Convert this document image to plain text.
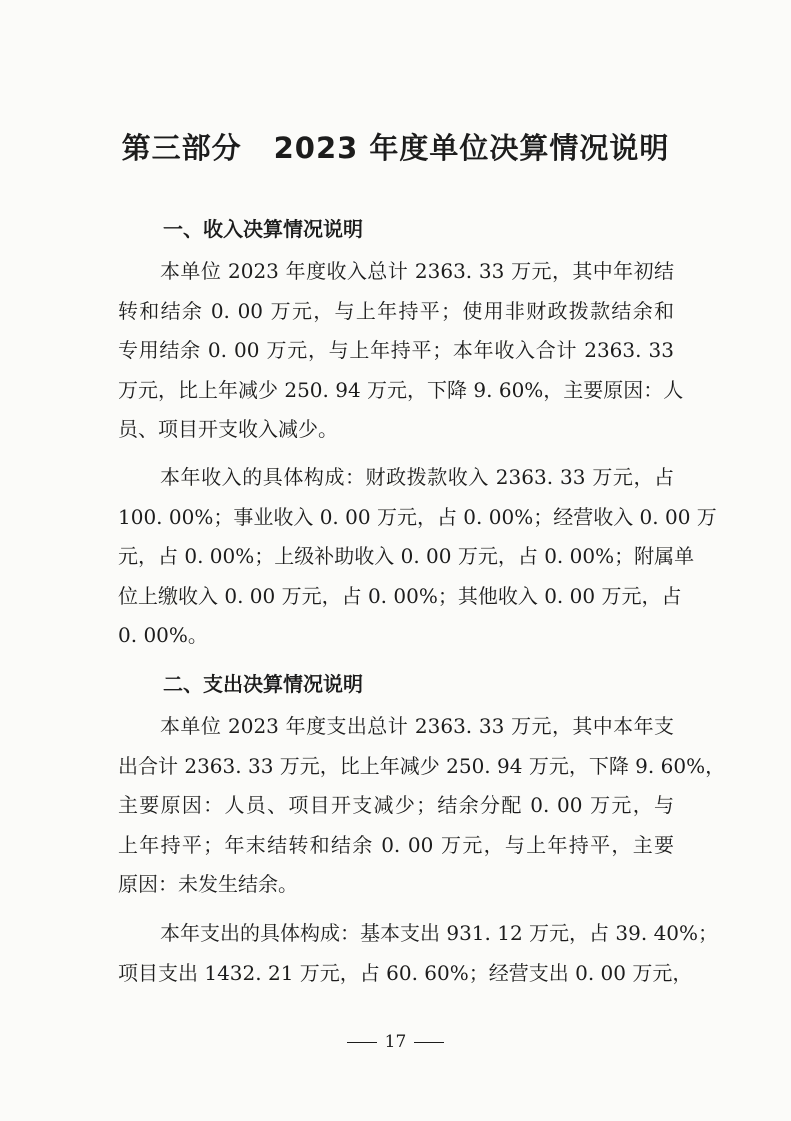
第三部分 2023 年度单位决算情况说明
一、收入决算情况说明
本单位 2023 年度收入总计 2363. 33 万元，其中年初结
转和结余 0. 00 万元，与上年持平；使用非财政拨款结余和
专用结余 0. 00 万元，与上年持平；本年收入合计 2363. 33
万元，比上年减少 250. 94 万元，下降 9. 60%，主要原因：人
员、项目开支收入减少。
本年收入的具体构成：财政拨款收入 2363. 33 万元，占
100. 00%；事业收入 0. 00 万元，占 0. 00%；经营收入 0. 00 万
元，占 0. 00%；上级补助收入 0. 00 万元，占 0. 00%；附属单
位上缴收入 0. 00 万元，占 0. 00%；其他收入 0. 00 万元，占
0. 00%。
二、支出决算情况说明
本单位 2023 年度支出总计 2363. 33 万元，其中本年支
出合计 2363. 33 万元，比上年减少 250. 94 万元，下降 9. 60%，
主要原因：人员、项目开支减少；结余分配 0. 00 万元，与
上年持平；年末结转和结余 0. 00 万元，与上年持平，主要
原因：未发生结余。
本年支出的具体构成：基本支出 931. 12 万元，占 39. 40%；
项目支出 1432. 21 万元，占 60. 60%；经营支出 0. 00 万元，
17
